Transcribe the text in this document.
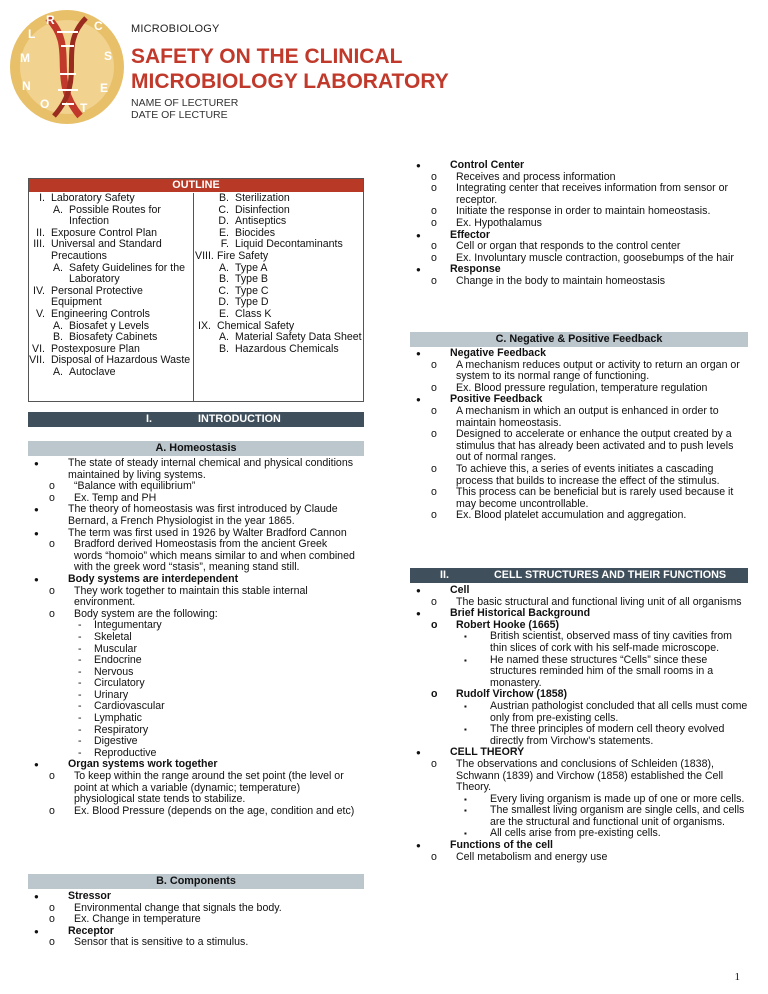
M
L
R	C
S
E
T
O
N
MICROBIOLOGY
SAFETY ON THE CLINICAL
MICROBIOLOGY LABORATORY
NAME OF LECTURER
DATE OF LECTURE
OUTLINE
I. Laboratory Safety
A. Possible Routes for Infection
II. Exposure Control Plan
III. Universal and Standard Precautions
A. Safety Guidelines for the Laboratory
IV. Personal Protective Equipment
V. Engineering Controls
A. Biosafet y Levels
B. Biosafety Cabinets
VI. Postexposure Plan
VII. Disposal of Hazardous Waste
A. Autoclave
B. Sterilization
C. Disinfection
D. Antiseptics
E. Biocides
F. Liquid Decontaminants
VIII. Fire Safety
A. Type A
B. Type B
C. Type C
D. Type D
E. Class K
IX. Chemical Safety
A. Material Safety Data Sheet
B. Hazardous Chemicals
I.	INTRODUCTION
A. Homeostasis
● The state of steady internal chemical and physical conditions maintained by living systems.
o “Balance with equilibrium”
o Ex. Temp and PH
● The theory of homeostasis was first introduced by Claude Bernard, a French Physiologist in the year 1865.
● The term was first used in 1926 by Walter Bradford Cannon
o Bradford derived Homeostasis from the ancient Greek words “homoio” which means similar to and when combined with the greek word “stasis”, meaning stand still.
● Body systems are interdependent
o They work together to maintain this stable internal environment.
o Body system are the following:
- Integumentary
- Skeletal
- Muscular
- Endocrine
- Nervous
- Circulatory
- Urinary
- Cardiovascular
- Lymphatic
- Respiratory
- Digestive
- Reproductive
● Organ systems work together
o To keep within the range around the set point (the level or point at which a variable (dynamic; temperature) physiological state tends to stabilize.
o Ex. Blood Pressure (depends on the age, condition and etc)
B. Components
● Stressor
o Environmental change that signals the body.
o Ex. Change in temperature
● Receptor
o Sensor that is sensitive to a stimulus.
● Control Center
o Receives and process information
o Integrating center that receives information from sensor or receptor.
o Initiate the response in order to maintain homeostasis.
o Ex. Hypothalamus
● Effector
o Cell or organ that responds to the control center
o Ex. Involuntary muscle contraction, goosebumps of the hair
● Response
o Change in the body to maintain homeostasis
C. Negative & Positive Feedback
● Negative Feedback
o A mechanism reduces output or activity to return an organ or system to its normal range of functioning.
o Ex. Blood pressure regulation, temperature regulation
● Positive Feedback
o A mechanism in which an output is enhanced in order to maintain homeostasis.
o Designed to accelerate or enhance the output created by a stimulus that has already been activated and to push levels out of normal ranges.
o To achieve this, a series of events initiates a cascading process that builds to increase the effect of the stimulus.
o This process can be beneficial but is rarely used because it may become uncontrollable.
o Ex. Blood platelet accumulation and aggregation.
II.	CELL STRUCTURES AND THEIR FUNCTIONS
● Cell
o The basic structural and functional living unit of all organisms
● Brief Historical Background
o Robert Hooke (1665)
▪ British scientist, observed mass of tiny cavities from thin slices of cork with his self-made microscope.
▪ He named these structures “Cells” since these structures reminded him of the small rooms in a monastery.
o Rudolf Virchow (1858)
▪ Austrian pathologist concluded that all cells must come only from pre-existing cells.
▪ The three principles of modern cell theory evolved directly from Virchow’s statements.
● CELL THEORY
o The observations and conclusions of Schleiden (1838), Schwann (1839) and Virchow (1858) established the Cell Theory.
▪ Every living organism is made up of one or more cells.
▪ The smallest living organism are single cells, and cells are the structural and functional unit of organisms.
▪ All cells arise from pre-existing cells.
● Functions of the cell
o Cell metabolism and energy use
1
